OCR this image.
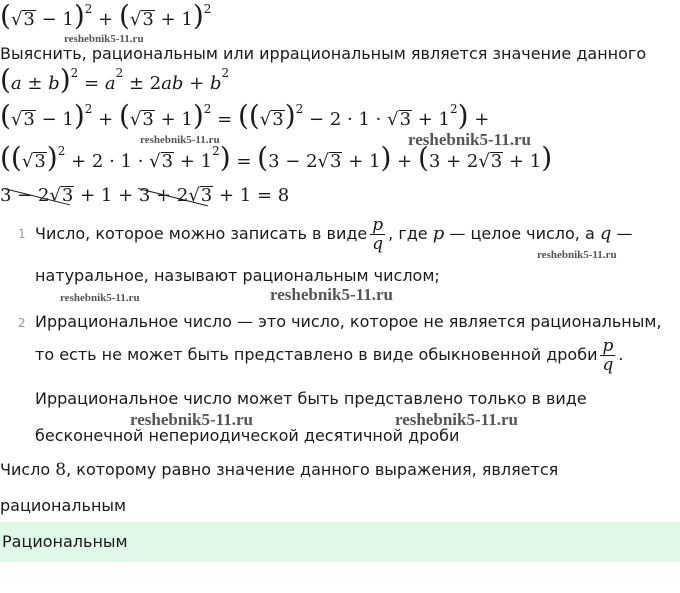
$(√3 - 1)^2 + (√3 + 1)^2$
Выяснить, рациональным или иррациональным является значение данного
$(a \pm b)^2 = a^2 \pm 2ab + b^2$
$(√3 - 1)^2 + (√3 + 1)^2 = ((√3)^2 - 2 \cdot 1 \cdot √3 + 1^2)$ +
$((√3)^2 + 2 \cdot 1 \cdot √3 + 1^2) = (3 - 2√3 + 1) + (3 + 2√3 + 1)$
3 − 2√3 + 1 + 3 + 2√3 + 1 = 8
1 Число, которое можно записать в виде $\frac{p}{q}$ , где p — целое число, а q —
натуральное, называют рациональным числом;
2 Иррациональное число — это число, которое не является рациональным,
то есть не может быть представлено в виде обыкновенной дроби $\frac{p}{q}$ .
Иррациональное число может быть представлено только в виде
бесконечной непериодической десятичной дроби
Число 8, которому равно значение данного выражения, является
рациональным
Рациональным
reshebnik5-11.ru
reshebnik5-11.ru	reshebnik5-11.ru
reshebnik5-11.ru
reshebnik5-11.ru	reshebnik5-11.ru
reshebnik5-11.ru	reshebnik5-11.ru
